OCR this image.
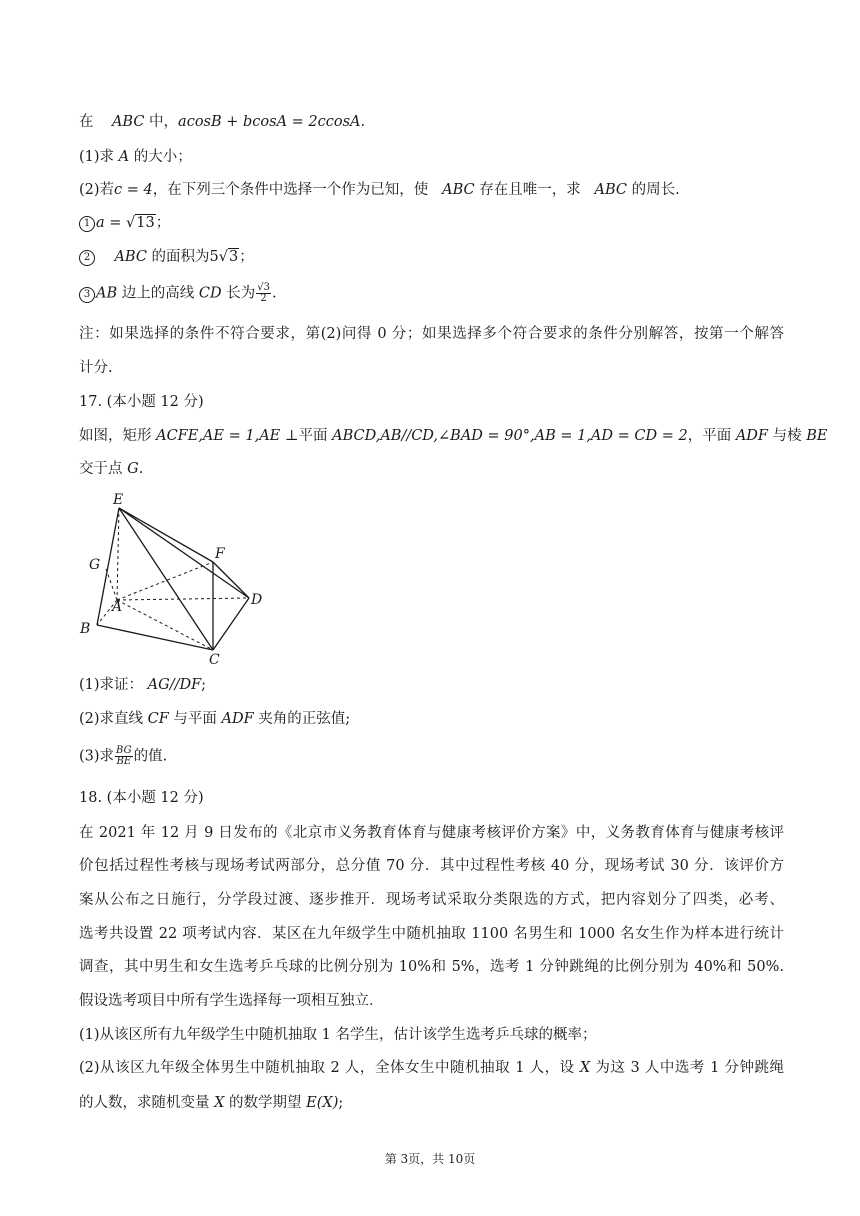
在 ABC 中，acosB + bcosA = 2ccosA.
(1)求 A 的大小；
(2)若c = 4，在下列三个条件中选择一个作为已知，使 ABC 存在且唯一，求 ABC 的周长.
1 a = √13；
2 ABC 的面积为5√3；
3 AB 边上的高线 CD 长为 $\frac{√3}{2}$ .
注：如果选择的条件不符合要求，第(2)问得 0 分；如果选择多个符合要求的条件分别解答，按第一个解答
计分.
17. (本小题 12 分)
如图，矩形 ACFE,AE = 1,AE ⊥平面 ABCD,AB//CD,∠BAD = 90°,AB = 1,AD = CD = 2，平面 ADF 与棱 BE
交于点 G.
E
F
G
A	D
B
C
(1)求证： AG//DF;
(2)求直线 CF 与平面 ADF 夹角的正弦值;
(3)求 $\frac{BG}{BE}$ 的值.
18. (本小题 12 分)
在 2021 年 12 月 9 日发布的《北京市义务教育体育与健康考核评价方案》中，义务教育体育与健康考核评
价包括过程性考核与现场考试两部分，总分值 70 分．其中过程性考核 40 分，现场考试 30 分．该评价方
案从公布之日施行，分学段过渡、逐步推开．现场考试采取分类限选的方式，把内容划分了四类，必考、
选考共设置 22 项考试内容．某区在九年级学生中随机抽取 1100 名男生和 1000 名女生作为样本进行统计
调查，其中男生和女生选考乒乓球的比例分别为 10%和 5%，选考 1 分钟跳绳的比例分别为 40%和 50%.
假设选考项目中所有学生选择每一项相互独立．
(1)从该区所有九年级学生中随机抽取 1 名学生，估计该学生选考乒乓球的概率；
(2)从该区九年级全体男生中随机抽取 2 人，全体女生中随机抽取 1 人，设 X 为这 3 人中选考 1 分钟跳绳
的人数，求随机变量 X 的数学期望 E(X);
第 3页，共 10页
